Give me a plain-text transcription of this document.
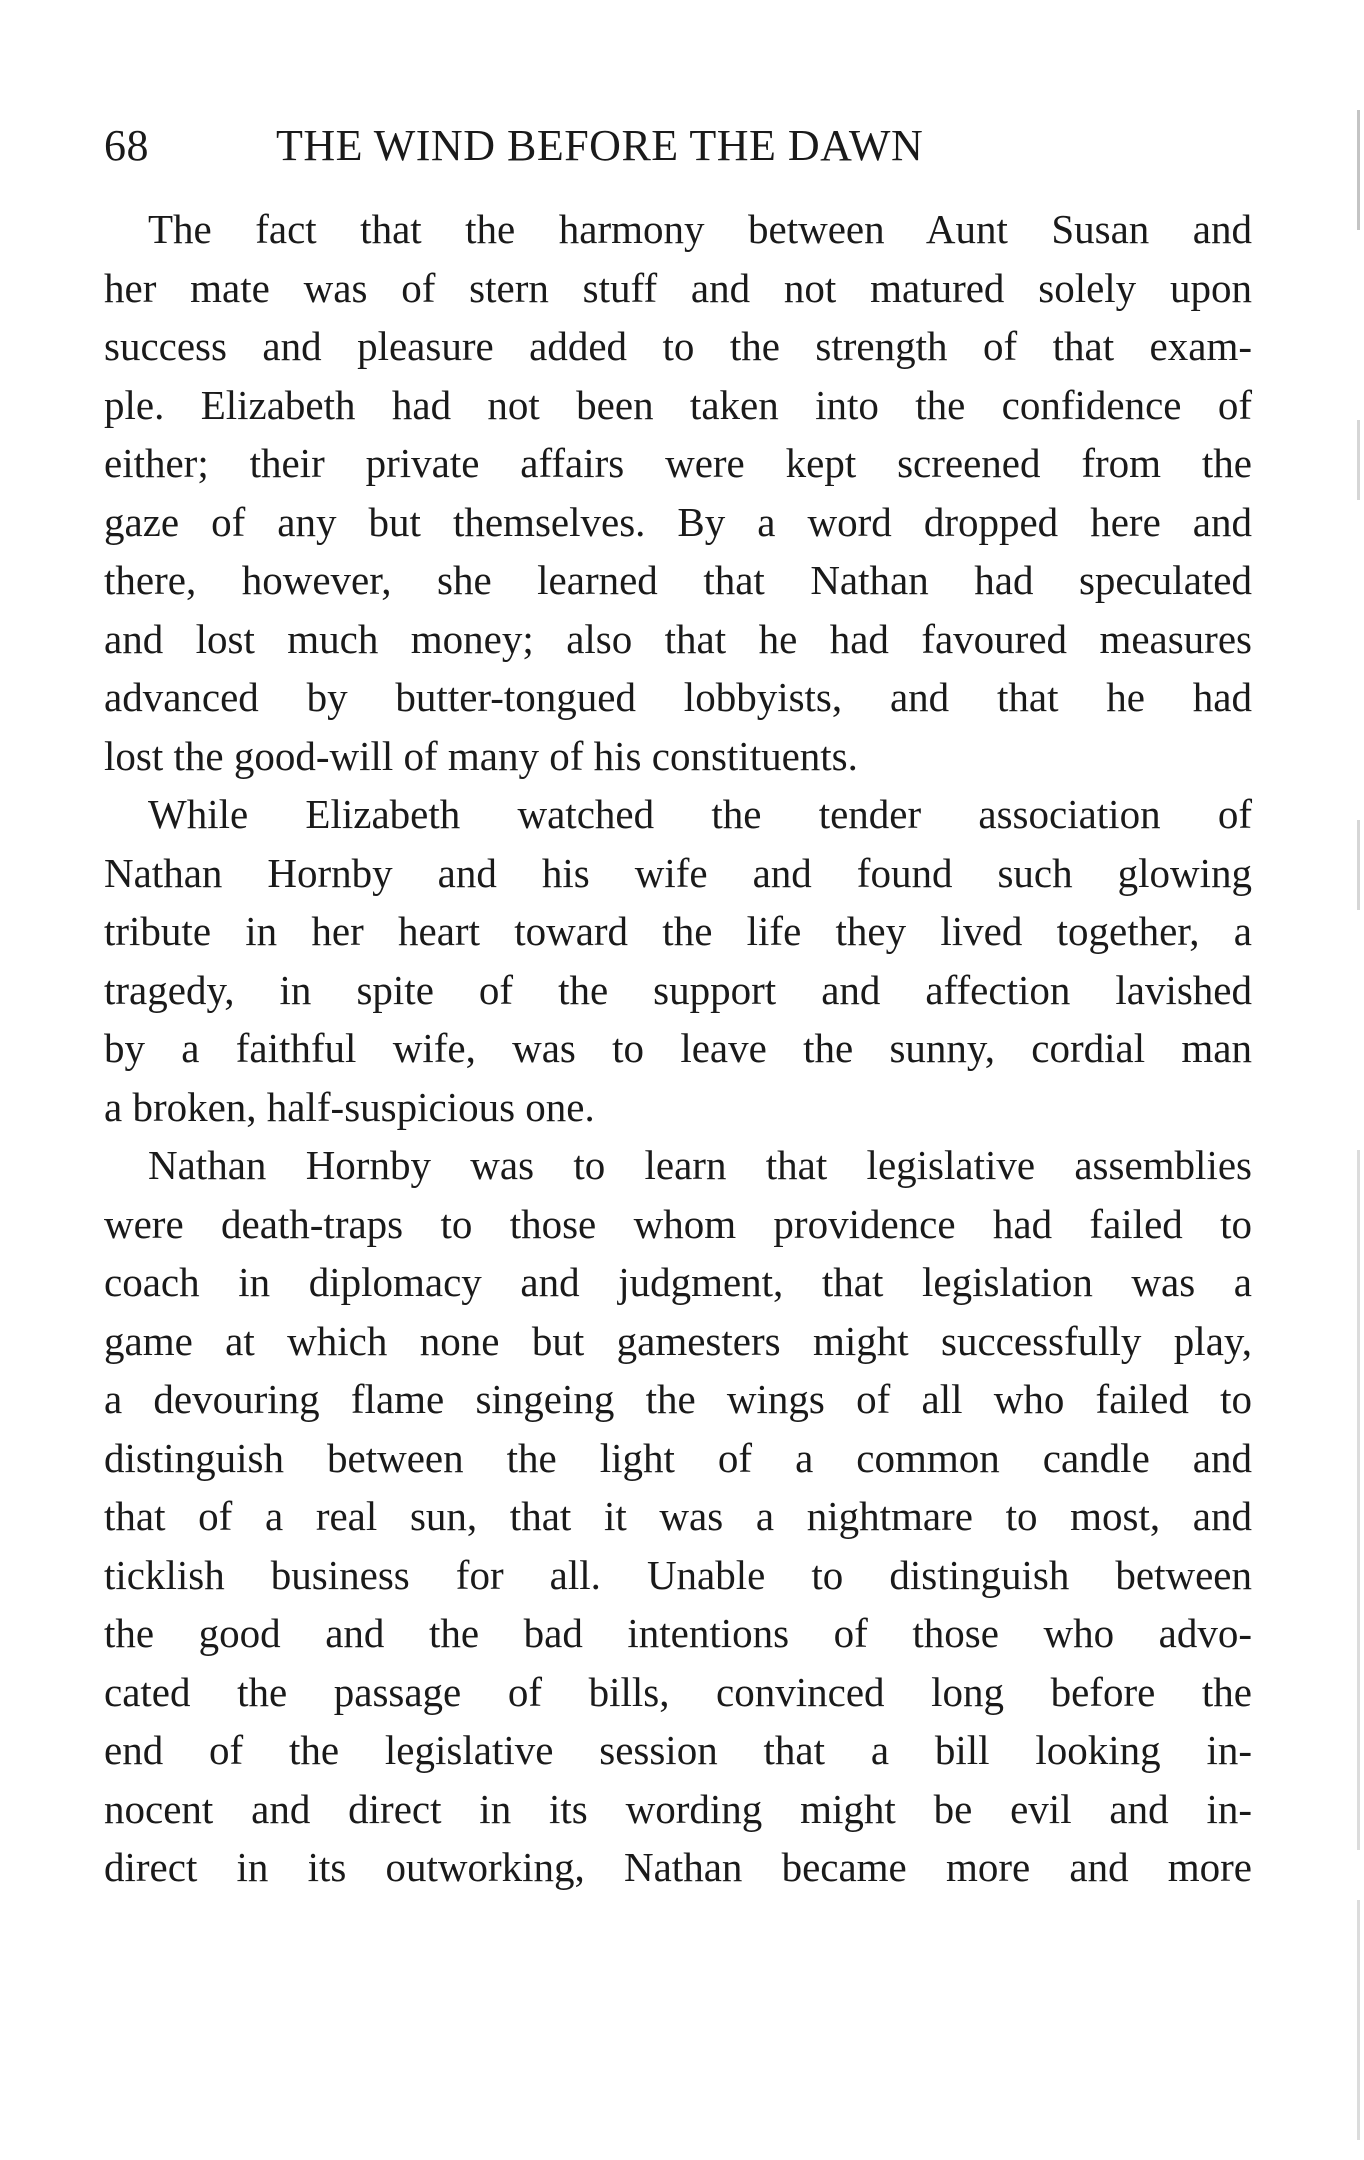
68	THE WIND BEFORE THE DAWN
The fact that the harmony between Aunt Susan and
her mate was of stern stuff and not matured solely upon
success and pleasure added to the strength of that exam-
ple. Elizabeth had not been taken into the confidence of
either; their private affairs were kept screened from the
gaze of any but themselves. By a word dropped here and
there, however, she learned that Nathan had speculated
and lost much money; also that he had favoured measures
advanced by butter-tongued lobbyists, and that he had
lost the good-will of many of his constituents.
While Elizabeth watched the tender association of
Nathan Hornby and his wife and found such glowing
tribute in her heart toward the life they lived together, a
tragedy, in spite of the support and affection lavished
by a faithful wife, was to leave the sunny, cordial man
a broken, half-suspicious one.
Nathan Hornby was to learn that legislative assemblies
were death-traps to those whom providence had failed to
coach in diplomacy and judgment, that legislation was a
game at which none but gamesters might successfully play,
a devouring flame singeing the wings of all who failed to
distinguish between the light of a common candle and
that of a real sun, that it was a nightmare to most, and
ticklish business for all. Unable to distinguish between
the good and the bad intentions of those who advo-
cated the passage of bills, convinced long before the
end of the legislative session that a bill looking in-
nocent and direct in its wording might be evil and in-
direct in its outworking, Nathan became more and more
